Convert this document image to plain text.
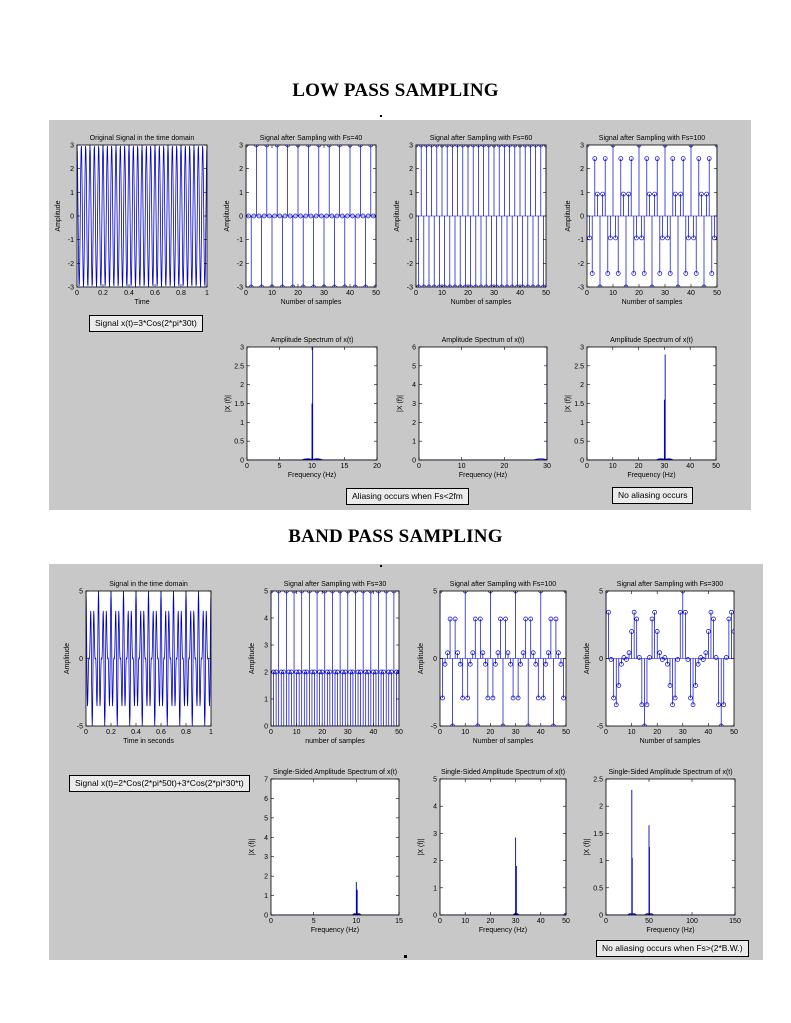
LOW PASS SAMPLING
Original Signal in the time domain
0	0.2 0.4 0.6 0.8	1
-3
-2
-1
0
1
2
3
Time
Amplitude
Signal after Sampling with Fs=40
0	10	20	30	40	50
-3
-2
-1
0
1
2
3
Number of samples
Amplitude
Signal after Sampling with Fs=60
0	10	20	30	40	50
-3
-2
-1
0
1
2
3
Number of samples
Amplitude
Signal after Sampling with Fs=100
0	10	20	30	40	50
-3
-2
-1
0
1
2
3
Number of samples
Amplitude
Amplitude Spectrum of x(t)
0	5	10	15	20
0
0.5
1
1.5
2
2.5
3
Frequency (Hz)
|X (f)|
Amplitude Spectrum of x(t)
0	10	20	30
0
1
2
3
4
5
6
Frequency (Hz)
|X (f)|
Amplitude Spectrum of x(t)
0	10	20	30	40	50
0
0.5
1
1.5
2
2.5
3
Frequency (Hz)
|X (f)|
Signal x(t)=3*Cos(2*pi*30t)
Aliasing occurs when Fs<2fm	No aliasing occurs
BAND PASS SAMPLING
Signal in the time domain
0	0.2 0.4 0.6 0.8	1
-5
0
5
Time in seconds
Amplitude
Signal after Sampling with Fs=30
0	10	20	30	40	50
0
1
2
3
4
5
number of samples
Amplitude
Signal after Sampling with Fs=100
0	10 20 30 40 50
-5
0
5
Number of samples
Amplitude
Signal after Sampling with Fs=300
0	10	20	30	40	50
-5
0
5
Number of samples
Amplitude
Single-Sided Amplitude Spectrum of x(t)
0	5	10	15
0
1
2
3
4
5
6
7
Frequency (Hz)
|X (f)|
Single-Sided Amplitude Spectrum of x(t)
0	10 20 30 40 50
0
1
2
3
4
5
Frequency (Hz)
|X (f)|
Single-Sided Amplitude Spectrum of x(t)
0	50	100	150
0
0.5
1
1.5
2
2.5
Frequency (Hz)
|X (f)|
Signal x(t)=2*Cos(2*pi*50t)+3*Cos(2*pi*30*t)
No aliasing occurs when Fs>(2*B.W.)
